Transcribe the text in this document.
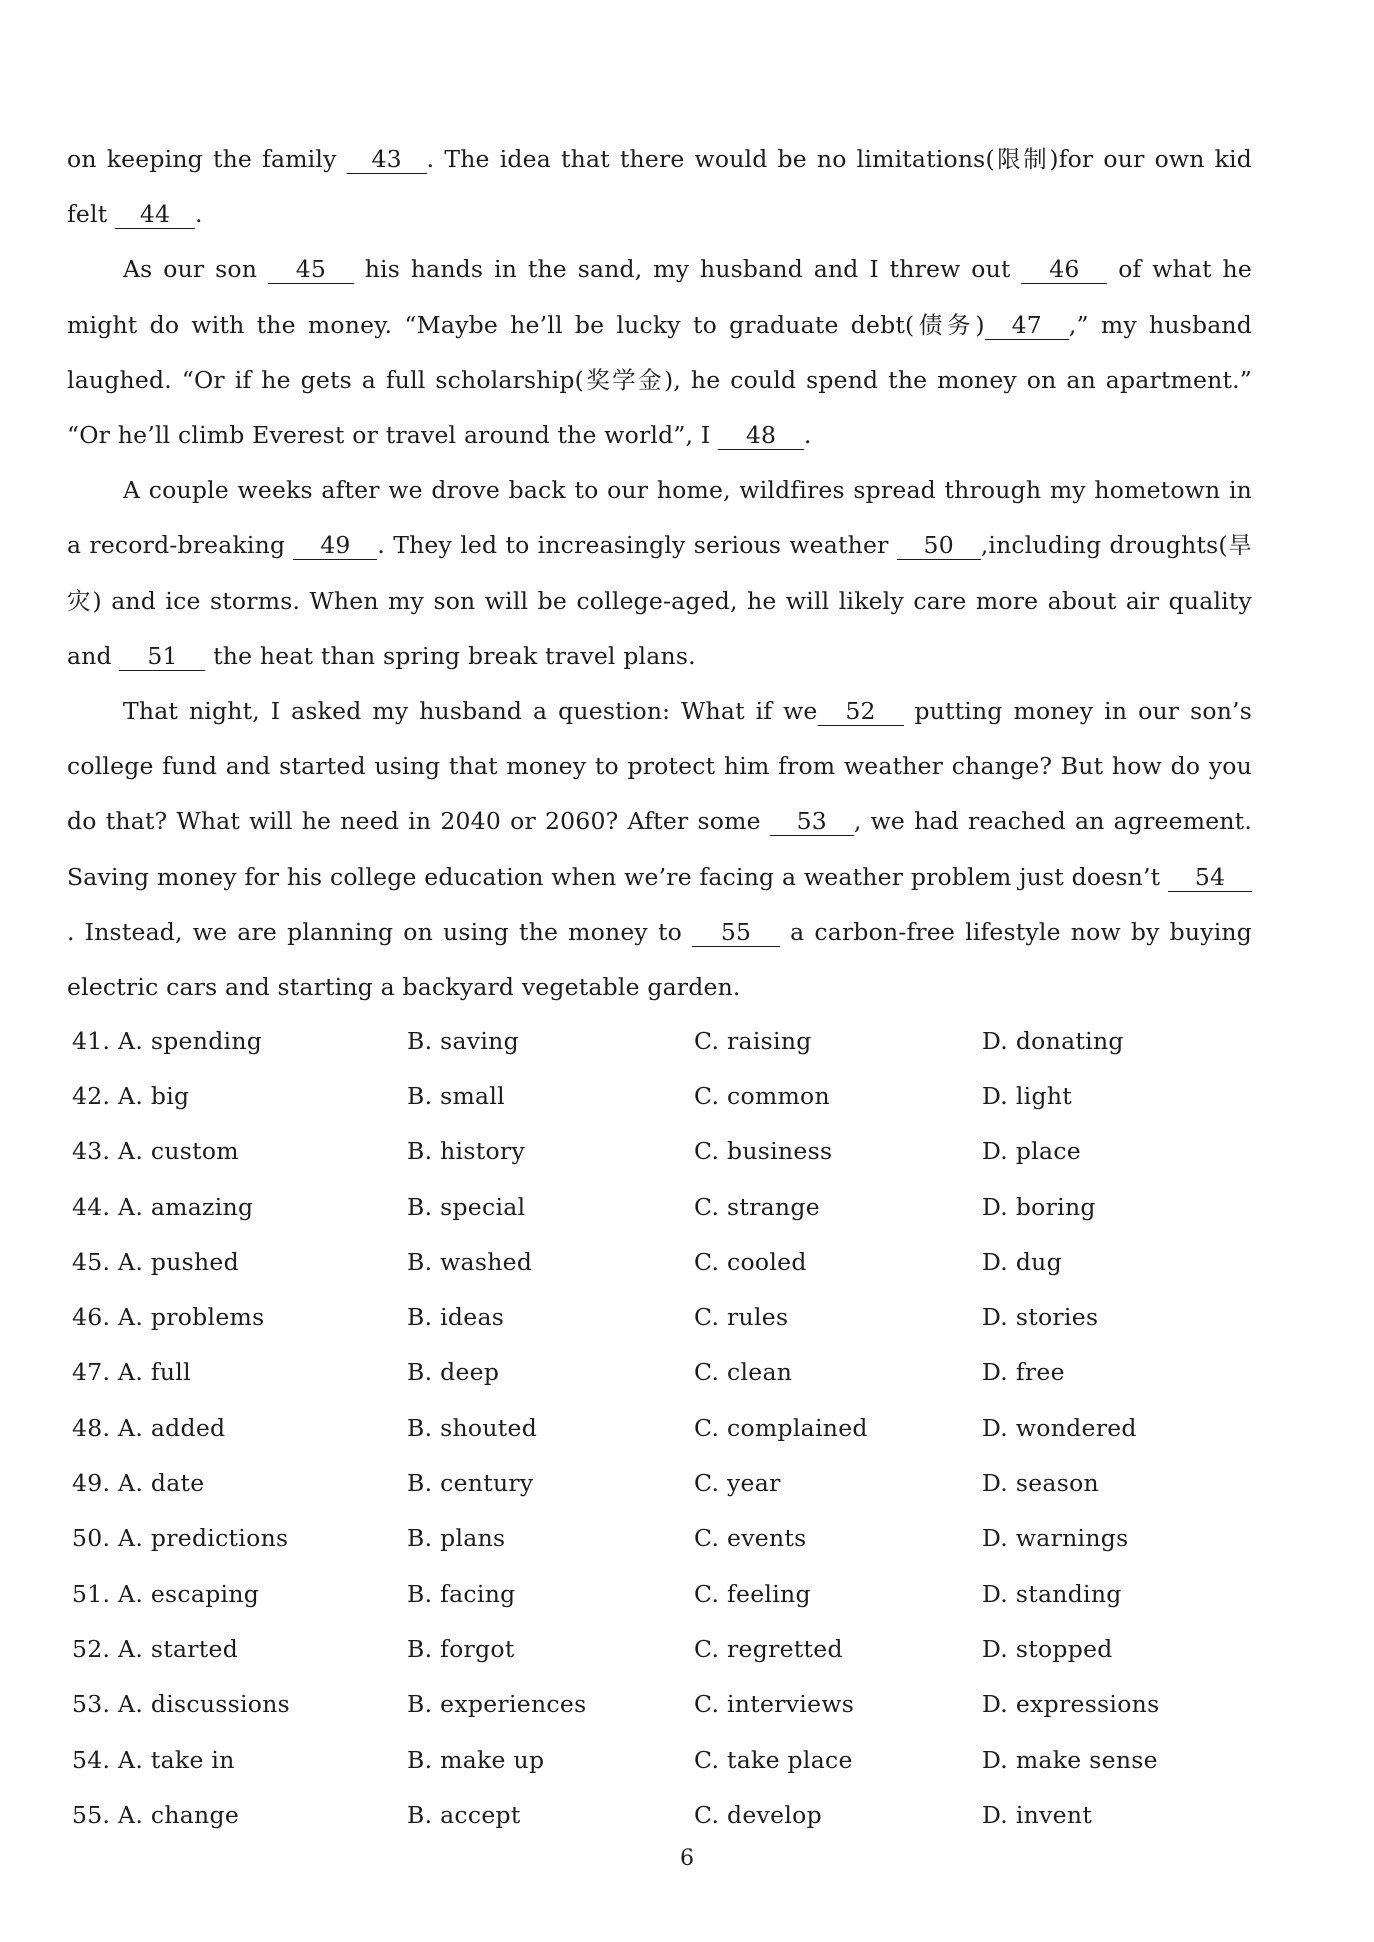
on keeping the family 43 . The idea that there would be no limitations(限制)for our own kid felt 44 .

As our son 45 his hands in the sand, my husband and I threw out 46 of what he might do with the money. “Maybe he’ll be lucky to graduate debt(债务) 47 ,” my husband laughed. “Or if he gets a full scholarship(奖学金), he could spend the money on an apartment.” “Or he’ll climb Everest or travel around the world”, I 48 .

A couple weeks after we drove back to our home, wildfires spread through my hometown in a record-breaking 49 . They led to increasingly serious weather 50 ,including droughts(旱灾) and ice storms. When my son will be college-aged, he will likely care more about air quality and 51 the heat than spring break travel plans.

That night, I asked my husband a question: What if we 52 putting money in our son’s college fund and started using that money to protect him from weather change? But how do you do that? What will he need in 2040 or 2060? After some 53 , we had reached an agreement. Saving money for his college education when we’re facing a weather problem just doesn’t 54. Instead, we are planning on using the money to 55 a carbon-free lifestyle now by buying electric cars and starting a backyard vegetable garden.

41. A. spending	B. saving	C. raising	D. donating
42. A. big	B. small	C. common	D. light
43. A. custom	B. history	C. business	D. place
44. A. amazing	B. special	C. strange	D. boring
45. A. pushed	B. washed	C. cooled	D. dug
46. A. problems	B. ideas	C. rules	D. stories
47. A. full	B. deep	C. clean	D. free
48. A. added	B. shouted	C. complained	D. wondered
49. A. date	B. century	C. year	D. season
50. A. predictions	B. plans	C. events	D. warnings
51. A. escaping	B. facing	C. feeling	D. standing
52. A. started	B. forgot	C. regretted	D. stopped
53. A. discussions	B. experiences	C. interviews	D. expressions
54. A. take in	B. make up	C. take place	D. make sense
55. A. change	B. accept	C. develop	D. invent
6
